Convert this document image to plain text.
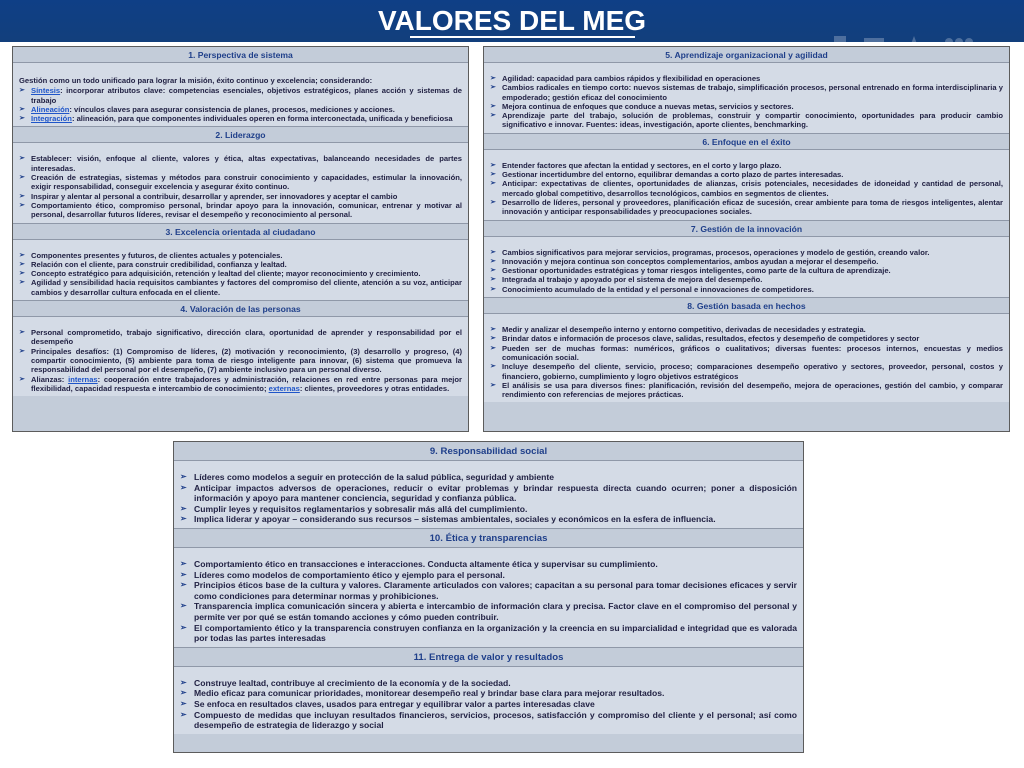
VALORES DEL MEG
1. Perspectiva de sistema
Gestión como un todo unificado para lograr la misión, éxito continuo y excelencia; considerando:
➢ Síntesis: incorporar atributos clave: competencias esenciales, objetivos estratégicos, planes acción y sistemas de trabajo
➢ Alineación: vínculos claves para asegurar consistencia de planes, procesos, mediciones y acciones.
➢ Integración: alineación, para que componentes individuales operen en forma interconectada, unificada y beneficiosa
2. Liderazgo
➢ Establecer: visión, enfoque al cliente, valores y ética, altas expectativas, balanceando necesidades de partes interesadas.
➢ Creación de estrategias, sistemas y métodos para construir conocimiento y capacidades, estimular la innovación, exigir responsabilidad, conseguir excelencia y asegurar éxito continuo.
➢ Inspirar y alentar al personal a contribuir, desarrollar y aprender, ser innovadores y aceptar el cambio
➢ Comportamiento ético, compromiso personal, brindar apoyo para la innovación, comunicar, entrenar y motivar al personal, desarrollar futuros líderes, revisar el desempeño y reconocimiento al personal.
3. Excelencia orientada al ciudadano
➢ Componentes presentes y futuros, de clientes actuales y potenciales.
➢ Relación con el cliente, para construir credibilidad, confianza y lealtad.
➢ Concepto estratégico para adquisición, retención y lealtad del cliente; mayor reconocimiento y crecimiento.
➢ Agilidad y sensibilidad hacia requisitos cambiantes y factores del compromiso del cliente, atención a su voz, anticipar cambios y desarrollar cultura enfocada en el cliente.
4. Valoración de las personas
➢ Personal comprometido, trabajo significativo, dirección clara, oportunidad de aprender y responsabilidad por el desempeño
➢ Principales desafíos: (1) Compromiso de líderes, (2) motivación y reconocimiento, (3) desarrollo y progreso, (4) compartir conocimiento, (5) ambiente para toma de riesgo inteligente para innovar, (6) sistema que promueva la responsabilidad del personal por el desempeño, (7) ambiente inclusivo para un personal diverso.
➢ Alianzas: internas: cooperación entre trabajadores y administración, relaciones en red entre personas para mejor flexibilidad, capacidad respuesta e intercambio de conocimiento; externas: clientes, proveedores y otras entidades.
5. Aprendizaje organizacional y agilidad
➢ Agilidad: capacidad para cambios rápidos y flexibilidad en operaciones
➢ Cambios radicales en tiempo corto: nuevos sistemas de trabajo, simplificación procesos, personal entrenado en forma interdisciplinaria y empoderado; gestión eficaz del conocimiento
➢ Mejora continua de enfoques que conduce a nuevas metas, servicios y sectores.
➢ Aprendizaje parte del trabajo, solución de problemas, construir y compartir conocimiento, oportunidades para producir cambio significativo e innovar. Fuentes: ideas, investigación, aporte clientes, benchmarking.
6. Enfoque en el éxito
➢ Entender factores que afectan la entidad y sectores, en el corto y largo plazo.
➢ Gestionar incertidumbre del entorno, equilibrar demandas a corto plazo de partes interesadas.
➢ Anticipar: expectativas de clientes, oportunidades de alianzas, crisis potenciales, necesidades de idoneidad y cantidad de personal, mercado global competitivo, desarrollos tecnológicos, cambios en segmentos de clientes.
➢ Desarrollo de líderes, personal y proveedores, planificación eficaz de sucesión, crear ambiente para toma de riesgos inteligentes, alentar innovación y anticipar responsabilidades y preocupaciones sociales.
7. Gestión de la innovación
➢ Cambios significativos para mejorar servicios, programas, procesos, operaciones y modelo de gestión, creando valor.
➢ Innovación y mejora continua son conceptos complementarios, ambos ayudan a mejorar el desempeño.
➢ Gestionar oportunidades estratégicas y tomar riesgos inteligentes, como parte de la cultura de aprendizaje.
➢ Integrada al trabajo y apoyado por el sistema de mejora del desempeño.
➢ Conocimiento acumulado de la entidad y el personal e innovaciones de competidores.
8. Gestión basada en hechos
➢ Medir y analizar el desempeño interno y entorno competitivo, derivadas de necesidades y estrategia.
➢ Brindar datos e información de procesos clave, salidas, resultados, efectos y desempeño de competidores y sector
➢ Pueden ser de muchas formas: numéricos, gráficos o cualitativos; diversas fuentes: procesos internos, encuestas y medios comunicación social.
➢ Incluye desempeño del cliente, servicio, proceso; comparaciones desempeño operativo y sectores, proveedor, personal, costos y financiero, gobierno, cumplimiento y logro objetivos estratégicos
➢ El análisis se usa para diversos fines: planificación, revisión del desempeño, mejora de operaciones, gestión del cambio, y comparar rendimiento con referencias de mejores prácticas.
9. Responsabilidad social
➢ Líderes como modelos a seguir en protección de la salud pública, seguridad y ambiente
➢ Anticipar impactos adversos de operaciones, reducir o evitar problemas y brindar respuesta directa cuando ocurren; poner a disposición información y apoyo para mantener conciencia, seguridad y confianza pública.
➢ Cumplir leyes y requisitos reglamentarios y sobresalir más allá del cumplimiento.
➢ Implica liderar y apoyar – considerando sus recursos – sistemas ambientales, sociales y económicos en la esfera de influencia.
10. Ética y transparencias
➢ Comportamiento ético en transacciones e interacciones. Conducta altamente ética y supervisar su cumplimiento.
➢ Líderes como modelos de comportamiento ético y ejemplo para el personal.
➢ Principios éticos base de la cultura y valores. Claramente articulados con valores; capacitan a su personal para tomar decisiones eficaces y servir como condiciones para determinar normas y prohibiciones.
➢ Transparencia implica comunicación sincera y abierta e intercambio de información clara y precisa. Factor clave en el compromiso del personal y permite ver por qué se están tomando acciones y cómo pueden contribuir.
➢ El comportamiento ético y la transparencia construyen confianza en la organización y la creencia en su imparcialidad e integridad que es valorada por todas las partes interesadas
11. Entrega de valor y resultados
➢ Construye lealtad, contribuye al crecimiento de la economía y de la sociedad.
➢ Medio eficaz para comunicar prioridades, monitorear desempeño real y brindar base clara para mejorar resultados.
➢ Se enfoca en resultados claves, usados para entregar y equilibrar valor a partes interesadas clave
➢ Compuesto de medidas que incluyan resultados financieros, servicios, procesos, satisfacción y compromiso del cliente y el personal; así como desempeño de estrategia de liderazgo y social
